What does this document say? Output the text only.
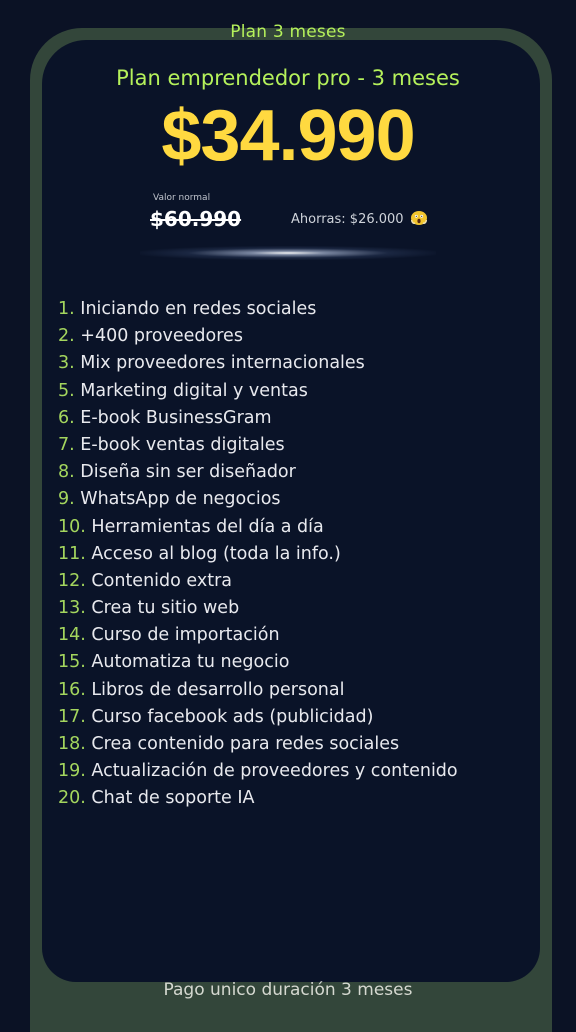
Plan 3 meses
Plan emprendedor pro - 3 meses
$34.990
Valor normal
$60.990	Ahorras: $26.000
1. Iniciando en redes sociales
2. +400 proveedores
3. Mix proveedores internacionales
5. Marketing digital y ventas
6. E-book BusinessGram
7. E-book ventas digitales
8. Diseña sin ser diseñador
9. WhatsApp de negocios
10. Herramientas del día a día
11. Acceso al blog (toda la info.)
12. Contenido extra
13. Crea tu sitio web
14. Curso de importación
15. Automatiza tu negocio
16. Libros de desarrollo personal
17. Curso facebook ads (publicidad)
18. Crea contenido para redes sociales
19. Actualización de proveedores y contenido
20. Chat de soporte IA
Pago unico duración 3 meses
